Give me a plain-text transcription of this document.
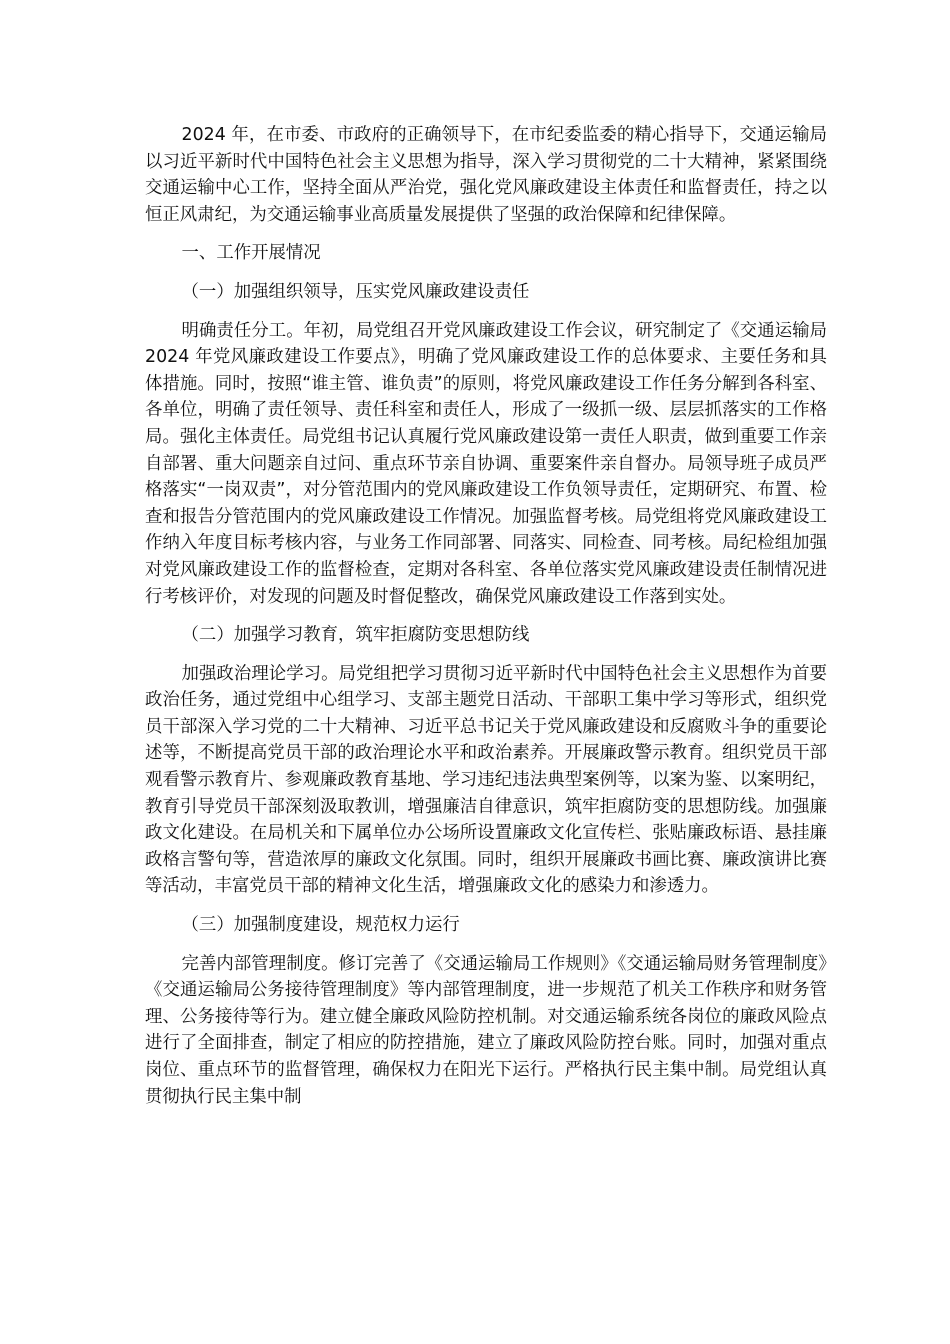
2024 年，在市委、市政府的正确领导下，在市纪委监委的精心指导下，交通运输局以习近平新时代中国特色社会主义思想为指导，深入学习贯彻党的二十大精神，紧紧围绕交通运输中心工作，坚持全面从严治党，强化党风廉政建设主体责任和监督责任，持之以恒正风肃纪，为交通运输事业高质量发展提供了坚强的政治保障和纪律保障。

一、工作开展情况

（一）加强组织领导，压实党风廉政建设责任

明确责任分工。年初，局党组召开党风廉政建设工作会议，研究制定了《交通运输局 2024 年党风廉政建设工作要点》，明确了党风廉政建设工作的总体要求、主要任务和具体措施。同时，按照“谁主管、谁负责”的原则，将党风廉政建设工作任务分解到各科室、各单位，明确了责任领导、责任科室和责任人，形成了一级抓一级、层层抓落实的工作格局。强化主体责任。局党组书记认真履行党风廉政建设第一责任人职责，做到重要工作亲自部署、重大问题亲自过问、重点环节亲自协调、重要案件亲自督办。局领导班子成员严格落实“一岗双责”，对分管范围内的党风廉政建设工作负领导责任，定期研究、布置、检查和报告分管范围内的党风廉政建设工作情况。加强监督考核。局党组将党风廉政建设工作纳入年度目标考核内容，与业务工作同部署、同落实、同检查、同考核。局纪检组加强对党风廉政建设工作的监督检查，定期对各科室、各单位落实党风廉政建设责任制情况进行考核评价，对发现的问题及时督促整改，确保党风廉政建设工作落到实处。

（二）加强学习教育，筑牢拒腐防变思想防线

加强政治理论学习。局党组把学习贯彻习近平新时代中国特色社会主义思想作为首要政治任务，通过党组中心组学习、支部主题党日活动、干部职工集中学习等形式，组织党员干部深入学习党的二十大精神、习近平总书记关于党风廉政建设和反腐败斗争的重要论述等，不断提高党员干部的政治理论水平和政治素养。开展廉政警示教育。组织党员干部观看警示教育片、参观廉政教育基地、学习违纪违法典型案例等，以案为鉴、以案明纪，教育引导党员干部深刻汲取教训，增强廉洁自律意识，筑牢拒腐防变的思想防线。加强廉政文化建设。在局机关和下属单位办公场所设置廉政文化宣传栏、张贴廉政标语、悬挂廉政格言警句等，营造浓厚的廉政文化氛围。同时，组织开展廉政书画比赛、廉政演讲比赛等活动，丰富党员干部的精神文化生活，增强廉政文化的感染力和渗透力。

（三）加强制度建设，规范权力运行

完善内部管理制度。修订完善了《交通运输局工作规则》《交通运输局财务管理制度》《交通运输局公务接待管理制度》等内部管理制度，进一步规范了机关工作秩序和财务管理、公务接待等行为。建立健全廉政风险防控机制。对交通运输系统各岗位的廉政风险点进行了全面排查，制定了相应的防控措施，建立了廉政风险防控台账。同时，加强对重点岗位、重点环节的监督管理，确保权力在阳光下运行。严格执行民主集中制。局党组认真贯彻执行民主集中制
